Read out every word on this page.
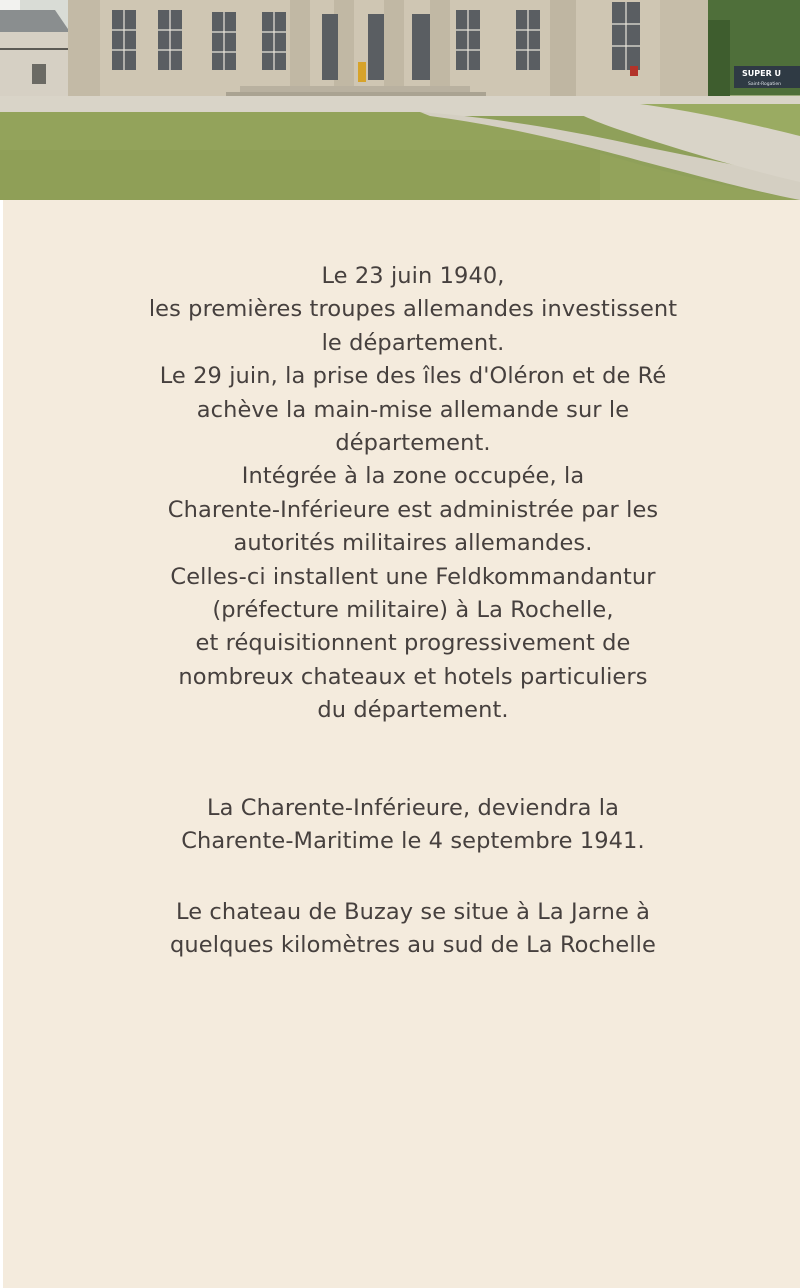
SUPER U
Saint-Rogatien
Le 23 juin 1940,
les premières troupes allemandes investissent
le département.
Le 29 juin, la prise des îles d'Oléron et de Ré
achève la main-mise allemande sur le
département.
Intégrée à la zone occupée, la
Charente-Inférieure est administrée par les
autorités militaires allemandes.
Celles-ci installent une Feldkommandantur
(préfecture militaire) à La Rochelle,
et réquisitionnent progressivement de
nombreux chateaux et hotels particuliers
du département.
La Charente-Inférieure, deviendra la
Charente-Maritime le 4 septembre 1941.
Le chateau de Buzay se situe à La Jarne à
quelques kilomètres au sud de La Rochelle
